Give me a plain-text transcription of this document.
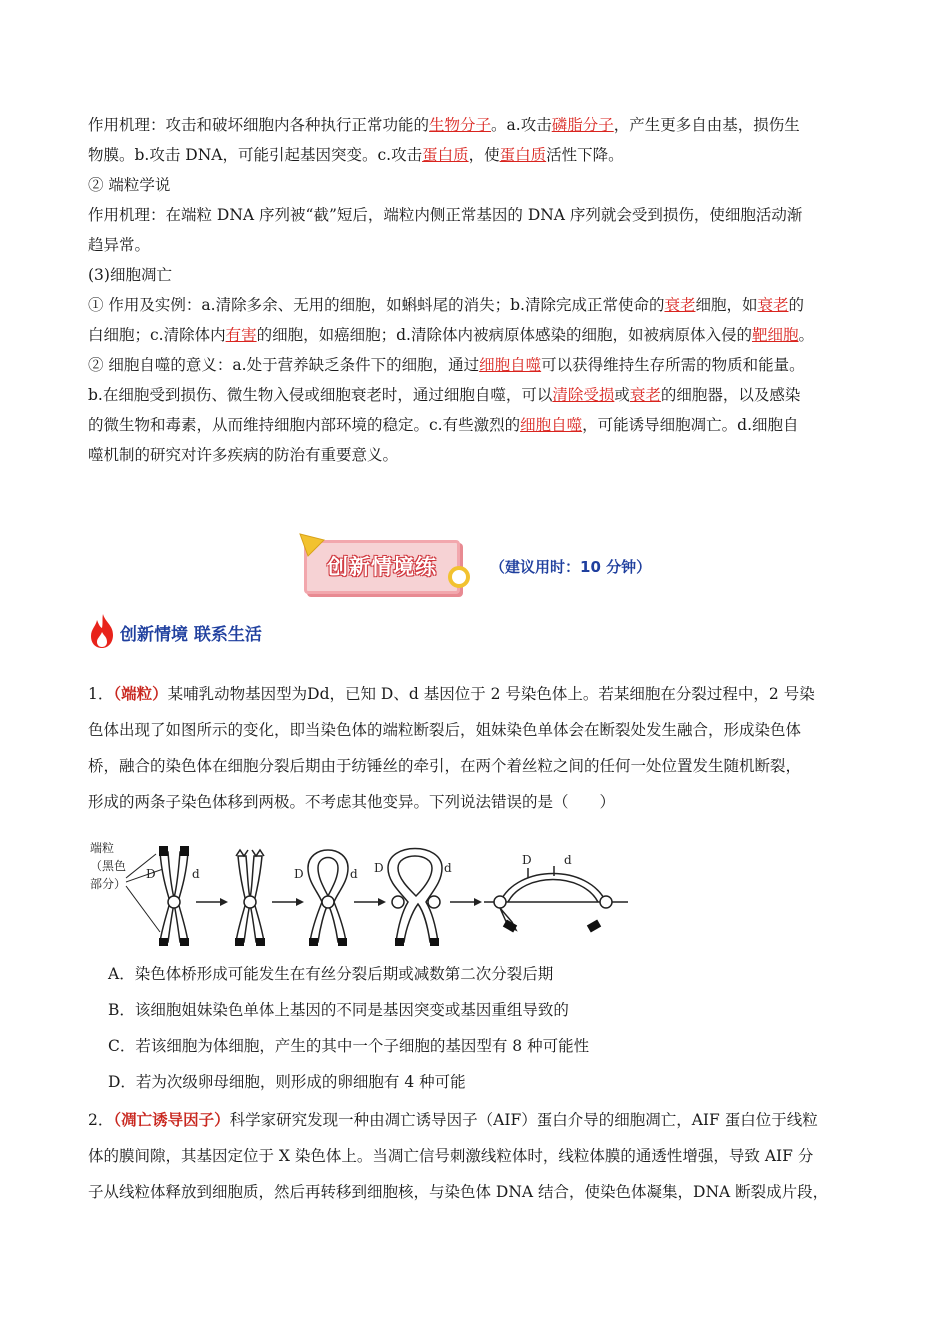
作用机理：攻击和破坏细胞内各种执行正常功能的生物分子。a.攻击磷脂分子，产生更多自由基，损伤生

物膜。b.攻击 DNA，可能引起基因突变。c.攻击蛋白质，使蛋白质活性下降。

② 端粒学说

作用机理：在端粒 DNA 序列被“截”短后，端粒内侧正常基因的 DNA 序列就会受到损伤，使细胞活动渐

趋异常。

(3)细胞凋亡

① 作用及实例：a.清除多余、无用的细胞，如蝌蚪尾的消失；b.清除完成正常使命的衰老细胞，如衰老的

白细胞；c.清除体内有害的细胞，如癌细胞；d.清除体内被病原体感染的细胞，如被病原体入侵的靶细胞。

② 细胞自噬的意义：a.处于营养缺乏条件下的细胞，通过细胞自噬可以获得维持生存所需的物质和能量。

b.在细胞受到损伤、微生物入侵或细胞衰老时，通过细胞自噬，可以清除受损或衰老的细胞器，以及感染

的微生物和毒素，从而维持细胞内部环境的稳定。c.有些激烈的细胞自噬，可能诱导细胞凋亡。d.细胞自

噬机制的研究对许多疾病的防治有重要意义。

创新情境练	（建议用时：10 分钟）
创新情境 联系生活

1．（端粒）某哺乳动物基因型为Dd，已知 D、d 基因位于 2 号染色体上。若某细胞在分裂过程中，2 号染

色体出现了如图所示的变化，即当染色体的端粒断裂后，姐妹染色单体会在断裂处发生融合，形成染色体

桥，融合的染色体在细胞分裂后期由于纺锤丝的牵引，在两个着丝粒之间的任何一处位置发生随机断裂，

形成的两条子染色体移到两极。不考虑其他变异。下列说法错误的是（　　）

端粒
（黑色
部分）
D	d	D	d D	d
D	d

A．染色体桥形成可能发生在有丝分裂后期或减数第二次分裂后期

B．该细胞姐妹染色单体上基因的不同是基因突变或基因重组导致的

C．若该细胞为体细胞，产生的其中一个子细胞的基因型有 8 种可能性

D．若为次级卵母细胞，则形成的卵细胞有 4 种可能

2．（凋亡诱导因子）科学家研究发现一种由凋亡诱导因子（AIF）蛋白介导的细胞凋亡，AIF 蛋白位于线粒

体的膜间隙，其基因定位于 X 染色体上。当凋亡信号刺激线粒体时，线粒体膜的通透性增强，导致 AIF 分

子从线粒体释放到细胞质，然后再转移到细胞核，与染色体 DNA 结合，使染色体凝集，DNA 断裂成片段，
